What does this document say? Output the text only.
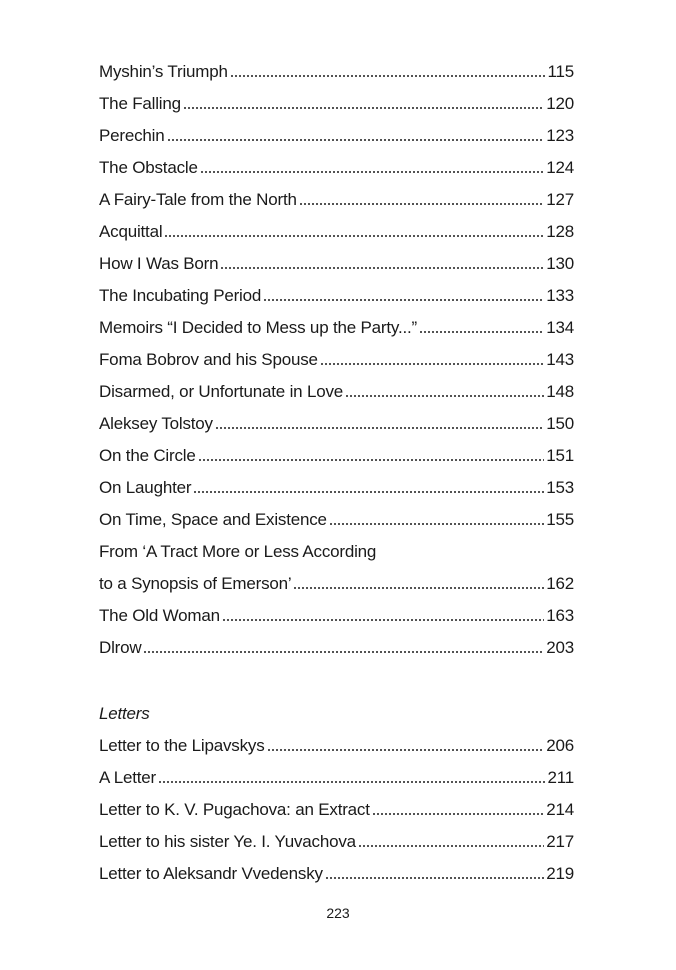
Myshin’s Triumph	115
The Falling	120
Perechin	123
The Obstacle	124
A Fairy-Tale from the North	127
Acquittal	128
How I Was Born	130
The Incubating Period	133
Memoirs “I Decided to Mess up the Party...”	134
Foma Bobrov and his Spouse	143
Disarmed, or Unfortunate in Love	148
Aleksey Tolstoy	150
On the Circle	151
On Laughter	153
On Time, Space and Existence	155
From ‘A Tract More or Less According
to a Synopsis of Emerson’	162
The Old Woman	163
Dlrow	203
Letters
Letter to the Lipavskys	206
A Letter	211
Letter to K. V. Pugachova: an Extract	214
Letter to his sister Ye. I. Yuvachova	217
Letter to Aleksandr Vvedensky	219
223
